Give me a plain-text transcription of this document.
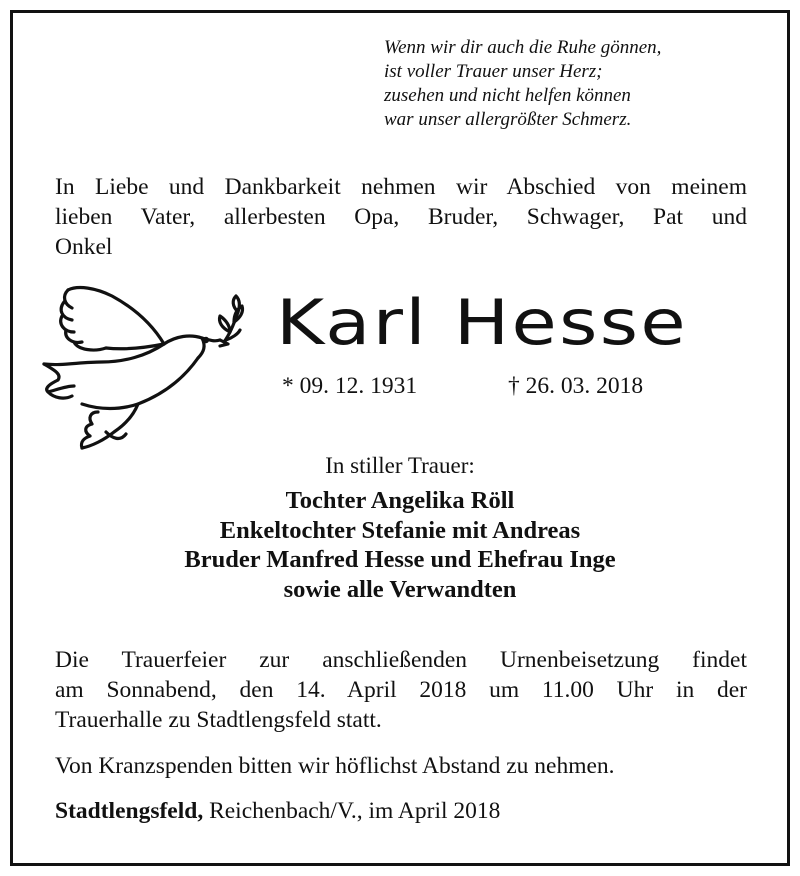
Wenn wir dir auch die Ruhe gönnen,
ist voller Trauer unser Herz;
zusehen und nicht helfen können
war unser allergrößter Schmerz.
In Liebe und Dankbarkeit nehmen wir Abschied von meinem
lieben Vater, allerbesten Opa, Bruder, Schwager, Pat und
Onkel
Karl Hesse
* 09. 12. 1931	† 26. 03. 2018
In stiller Trauer:
Tochter Angelika Röll
Enkeltochter Stefanie mit Andreas
Bruder Manfred Hesse und Ehefrau Inge
sowie alle Verwandten
Die Trauerfeier zur anschließenden Urnenbeisetzung findet
am Sonnabend, den 14. April 2018 um 11.00 Uhr in der
Trauerhalle zu Stadtlengsfeld statt.
Von Kranzspenden bitten wir höflichst Abstand zu nehmen.
Stadtlengsfeld, Reichenbach/V., im April 2018
